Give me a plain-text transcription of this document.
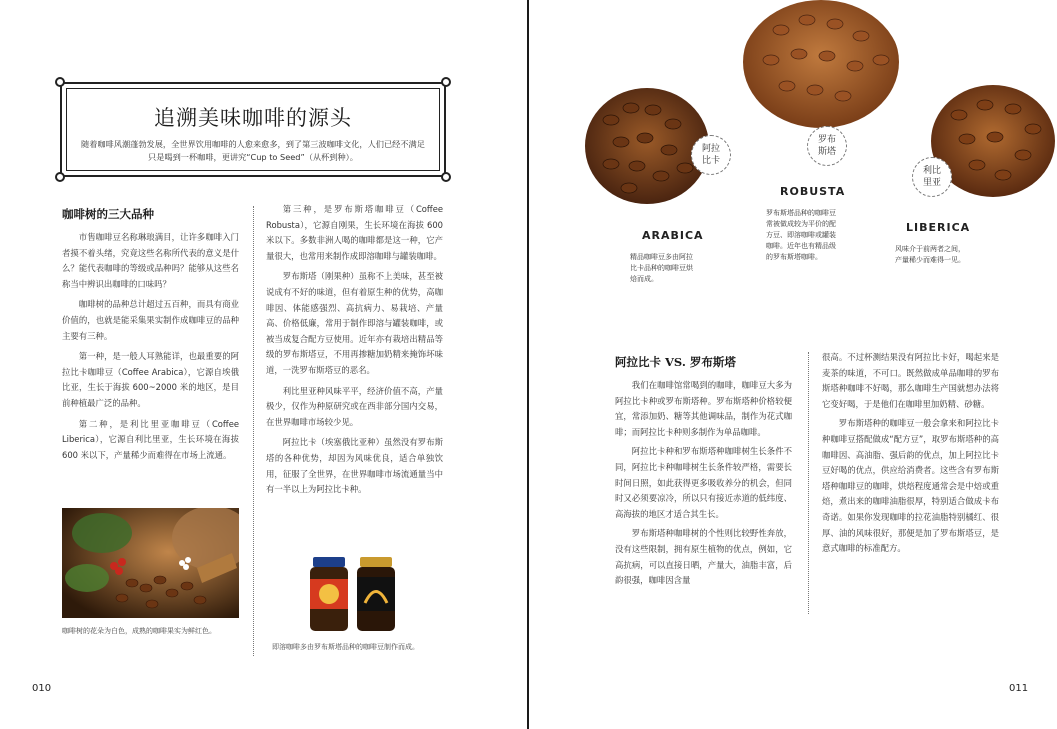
追溯美味咖啡的源头
随着咖啡风潮蓬勃发展，全世界饮用咖啡的人愈来愈多，到了第三波咖啡文化，人们已经不满足只是喝到一杯咖啡，更讲究“Cup to Seed”（从杯到种）。
咖啡树的三大品种

市售咖啡豆名称琳琅满目，让许多咖啡入门者摸不着头绪，究竟这些名称所代表的意义是什么？能代表咖啡的等级或品种吗？能够从这些名称当中辨识出咖啡的口味吗？

咖啡树的品种总计超过五百种，而具有商业价值的，也就是能采集果实制作成咖啡豆的品种主要有三种。

第一种，是一般人耳熟能详，也最重要的阿拉比卡咖啡豆（Coffee Arabica），它源自埃俄比亚，生长于海拔 600~2000 米的地区，是目前种植最广泛的品种。

第二种，是利比里亚咖啡豆（Coffee Liberica），它源自利比里亚，生长环境在海拔 600 米以下，产量稀少而难得在市场上流通。

第三种，是罗布斯塔咖啡豆（Coffee Robusta），它源自刚果，生长环境在海拔 600 米以下。多数非洲人喝的咖啡都是这一种，它产量很大，也常用来制作成即溶咖啡与罐装咖啡。

罗布斯塔（刚果种）虽称不上美味，甚至被说成有不好的味道，但有着原生种的优势，高咖啡因、体能感强烈、高抗病力、易栽培、产量高、价格低廉，常用于制作即溶与罐装咖啡，或被当成复合配方豆使用。近年亦有栽培出精品等级的罗布斯塔豆，不用再掺糖加奶精来掩饰坏味道，一洗罗布斯塔豆的恶名。

利比里亚种风味平平，经济价值不高，产量极少，仅作为种原研究或在西非部分国内交易，在世界咖啡市场较少见。

阿拉比卡（埃塞俄比亚种）虽然没有罗布斯塔的各种优势，却因为风味优良，适合单独饮用，征服了全世界，在世界咖啡市场流通量当中有一半以上为阿拉比卡种。

咖啡树的花朵为白色，成熟的咖啡果实为鲜红色。
即溶咖啡多由罗布斯塔品种的咖啡豆制作而成。
010
阿拉
比卡
ARABICA
精品咖啡豆多由阿拉
比卡品种的咖啡豆烘
焙而成。
罗布
斯塔
ROBUSTA
罗布斯塔品种的咖啡豆
常被做成较为平价的配
方豆、即溶咖啡或罐装
咖啡。近年也有精品级
的罗布斯塔咖啡。
利比
里亚
LIBERICA
风味介于前两者之间，
产量稀少而难得一见。
阿拉比卡 VS. 罗布斯塔

我们在咖啡馆常喝到的咖啡，咖啡豆大多为阿拉比卡种或罗布斯塔种。罗布斯塔种价格较便宜，常添加奶、糖等其他调味品，制作为花式咖啡；而阿拉比卡种则多制作为单品咖啡。

阿拉比卡种和罗布斯塔种咖啡树生长条件不同，阿拉比卡种咖啡树生长条件较严格，需要长时间日照，如此获得更多吸收养分的机会，但同时又必须要凉冷，所以只有接近赤道的低纬度、高海拔的地区才适合其生长。

罗布斯塔种咖啡树的个性则比较野性奔放，没有这些限制，拥有原生植物的优点，例如，它高抗病，可以直接日晒，产量大，油脂丰富，后韵很强，咖啡因含量

很高。不过杯测结果没有阿拉比卡好，喝起来是麦茶的味道，不可口。既然做成单品咖啡的罗布斯塔种咖啡不好喝，那么咖啡生产国就想办法将它变好喝，于是他们在咖啡里加奶精、砂糖。

罗布斯塔种的咖啡豆一般会拿来和阿拉比卡种咖啡豆搭配做成“配方豆”，取罗布斯塔种的高咖啡因、高油脂、强后韵的优点，加上阿拉比卡豆好喝的优点，供应给消费者。这些含有罗布斯塔种咖啡豆的咖啡，烘焙程度通常会是中焙或重焙，煮出来的咖啡油脂很厚，特别适合做成卡布奇诺。如果你发现咖啡的拉花油脂特别橘红、很厚、油的风味很好，那便是加了罗布斯塔豆，是意式咖啡的标准配方。

011
